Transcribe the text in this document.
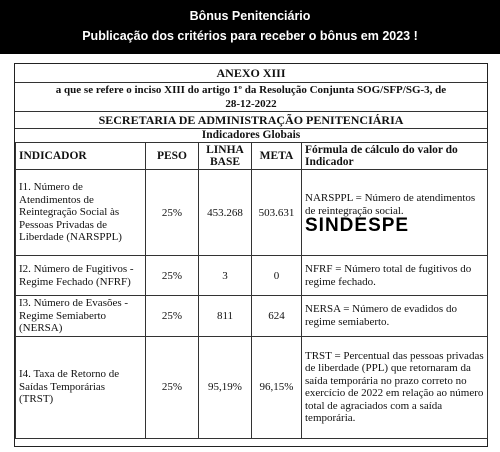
Bônus Penitenciário
Publicação dos critérios para receber o bônus em 2023 !
ANEXO XIII
a que se refere o inciso XIII do artigo 1º da Resolução Conjunta SOG/SFP/SG-3, de
28-12-2022
SECRETARIA DE ADMINISTRAÇÃO PENITENCIÁRIA
Indicadores Globais
INDICADOR	PESO	LINHA BASE	META	Fórmula de cálculo do valor do Indicador
I1. Número de Atendimentos de Reintegração Social às Pessoas Privadas de Liberdade (NARSPPL)	25%	453.268	503.631	NARSPPL = Número de atendimentos de reintegração social.
SINDESPE

I2. Número de Fugitivos - Regime Fechado (NFRF)	25%	3	0	NFRF = Número total de fugitivos do regime fechado.
I3. Número de Evasões - Regime Semiaberto (NERSA)	25%	811	624	NERSA = Número de evadidos do regime semiaberto.
I4. Taxa de Retorno de Saídas Temporárias (TRST)	25%	95,19%	96,15%	TRST = Percentual das pessoas privadas de liberdade (PPL) que retornaram da saída temporária no prazo correto no exercício de 2022 em relação ao número total de agraciados com a saída temporária.
